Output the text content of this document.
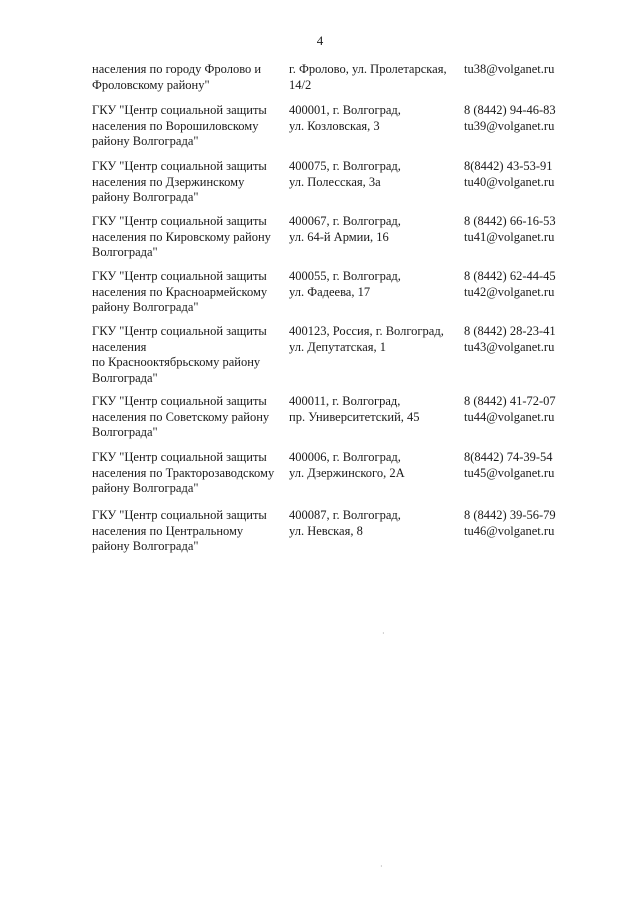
4
населения по городу Фролово и
Фроловскому району"
г. Фролово, ул. Пролетарская,
14/2
tu38@volganet.ru
ГКУ "Центр социальной защиты
населения по Ворошиловскому
району Волгограда"
400001, г. Волгоград,
ул. Козловская, 3
8 (8442) 94-46-83
tu39@volganet.ru
ГКУ "Центр социальной защиты
населения по Дзержинскому
району Волгограда"
400075, г. Волгоград,
ул. Полесская, 3а
8(8442) 43-53-91
tu40@volganet.ru
ГКУ "Центр социальной защиты
населения по Кировскому району
Волгограда"
400067, г. Волгоград,
ул. 64-й Армии, 16
8 (8442) 66-16-53
tu41@volganet.ru
ГКУ "Центр социальной защиты
населения по Красноармейскому
району Волгограда"
400055, г. Волгоград,
ул. Фадеева, 17
8 (8442) 62-44-45
tu42@volganet.ru
ГКУ "Центр социальной защиты
населения
по Краснооктябрьскому району
Волгограда"
400123, Россия, г. Волгоград,
ул. Депутатская, 1
8 (8442) 28-23-41
tu43@volganet.ru
ГКУ "Центр социальной защиты
населения по Советскому району
Волгограда"
400011, г. Волгоград,
пр. Университетский, 45
8 (8442) 41-72-07
tu44@volganet.ru
ГКУ "Центр социальной защиты
населения по Тракторозаводскому
району Волгограда"
400006, г. Волгоград,
ул. Дзержинского, 2А
8(8442) 74-39-54
tu45@volganet.ru
ГКУ "Центр социальной защиты
населения по Центральному
району Волгограда"
400087, г. Волгоград,
ул. Невская, 8
8 (8442) 39-56-79
tu46@volganet.ru
·
·
